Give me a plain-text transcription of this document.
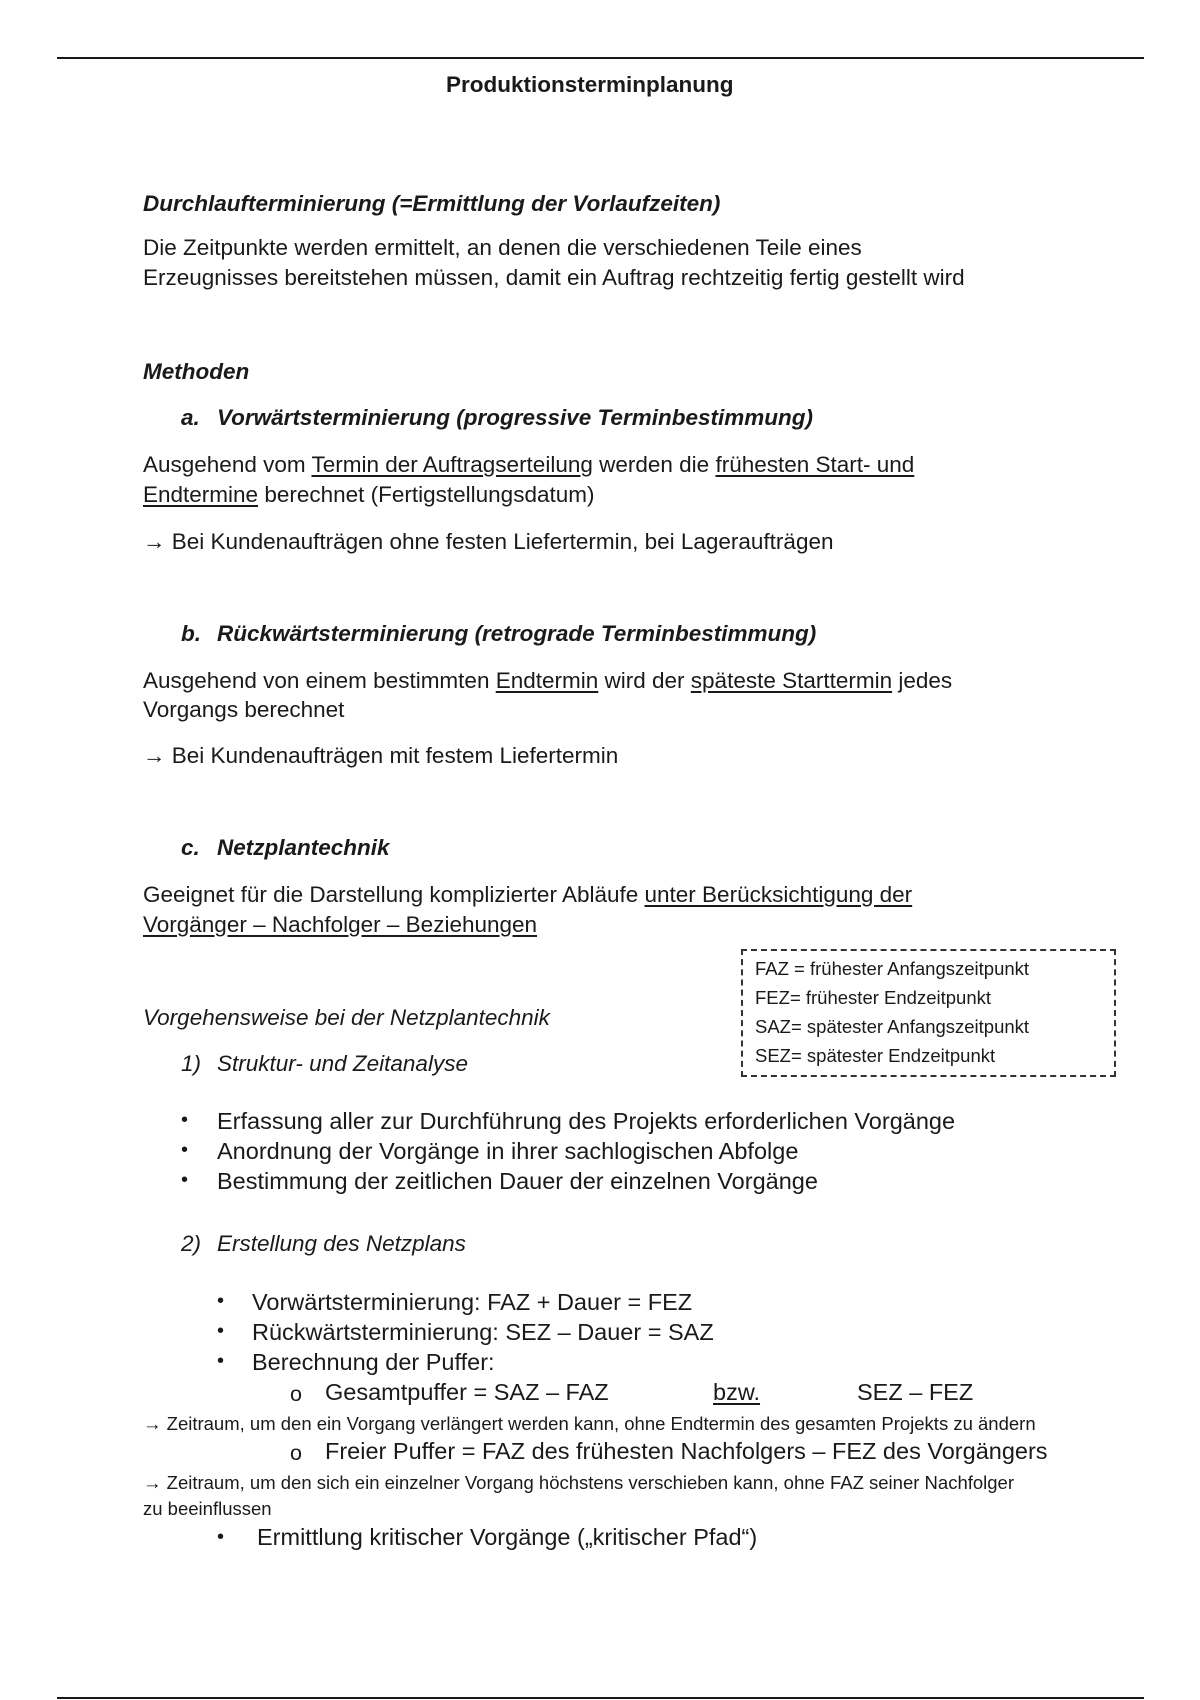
Produktionsterminplanung
Durchlaufterminierung (=Ermittlung der Vorlaufzeiten)
Die Zeitpunkte werden ermittelt, an denen die verschiedenen Teile eines
Erzeugnisses bereitstehen müssen, damit ein Auftrag rechtzeitig fertig gestellt wird
Methoden
a. Vorwärtsterminierung (progressive Terminbestimmung)
Ausgehend vom Termin der Auftragserteilung werden die frühesten Start- und
Endtermine berechnet (Fertigstellungsdatum)
→ Bei Kundenaufträgen ohne festen Liefertermin, bei Lageraufträgen
b. Rückwärtsterminierung (retrograde Terminbestimmung)
Ausgehend von einem bestimmten Endtermin wird der späteste Starttermin jedes
Vorgangs berechnet
→ Bei Kundenaufträgen mit festem Liefertermin
c. Netzplantechnik
Geeignet für die Darstellung komplizierter Abläufe unter Berücksichtigung der
Vorgänger – Nachfolger – Beziehungen
FAZ = frühester Anfangszeitpunkt
FEZ= frühester Endzeitpunkt
SAZ= spätester Anfangszeitpunkt
SEZ= spätester Endzeitpunkt
Vorgehensweise bei der Netzplantechnik
1) Struktur- und Zeitanalyse
• Erfassung aller zur Durchführung des Projekts erforderlichen Vorgänge
• Anordnung der Vorgänge in ihrer sachlogischen Abfolge
• Bestimmung der zeitlichen Dauer der einzelnen Vorgänge
2) Erstellung des Netzplans
• Vorwärtsterminierung: FAZ + Dauer = FEZ
• Rückwärtsterminierung: SEZ – Dauer = SAZ
• Berechnung der Puffer:
o Gesamtpuffer = SAZ – FAZ	bzw.	SEZ – FEZ
→ Zeitraum, um den ein Vorgang verlängert werden kann, ohne Endtermin des gesamten Projekts zu ändern
o Freier Puffer = FAZ des frühesten Nachfolgers – FEZ des Vorgängers
→ Zeitraum, um den sich ein einzelner Vorgang höchstens verschieben kann, ohne FAZ seiner Nachfolger
zu beeinflussen
• Ermittlung kritischer Vorgänge („kritischer Pfad“)
